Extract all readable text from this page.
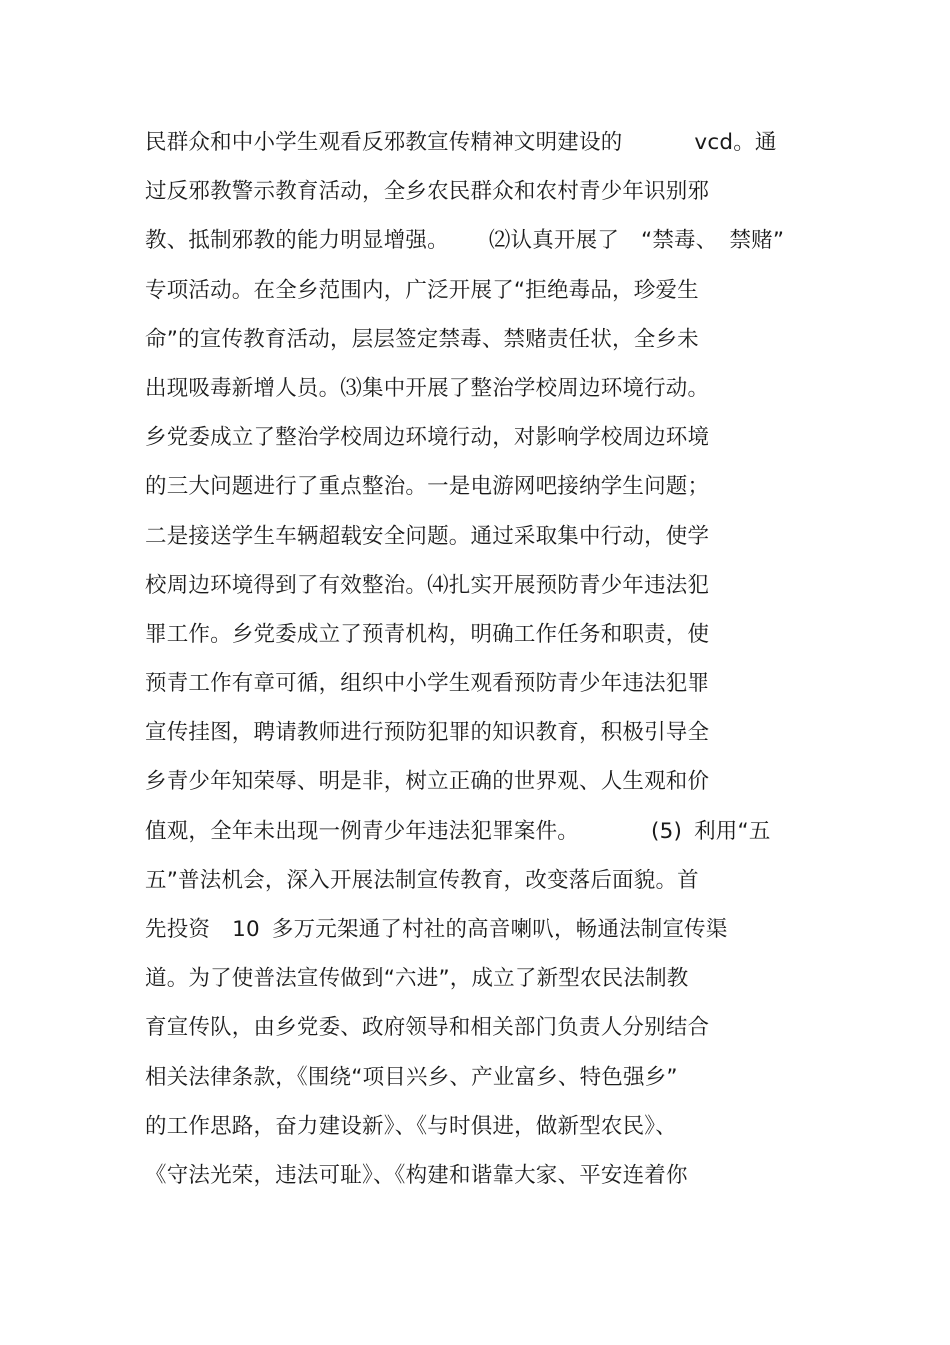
民群众和中小学生观看反邪教宣传精神文明建设的	vcd。通
过反邪教警示教育活动，全乡农民群众和农村青少年识别邪
教、抵制邪教的能力明显增强。 ⑵认真开展了 “禁毒、 禁赌”
专项活动。在全乡范围内，广泛开展了“拒绝毒品，珍爱生
命”的宣传教育活动，层层签定禁毒、禁赌责任状，全乡未
出现吸毒新增人员。⑶集中开展了整治学校周边环境行动。
乡党委成立了整治学校周边环境行动，对影响学校周边环境
的三大问题进行了重点整治。一是电游网吧接纳学生问题；
二是接送学生车辆超载安全问题。通过采取集中行动，使学
校周边环境得到了有效整治。⑷扎实开展预防青少年违法犯
罪工作。乡党委成立了预青机构，明确工作任务和职责，使
预青工作有章可循，组织中小学生观看预防青少年违法犯罪
宣传挂图，聘请教师进行预防犯罪的知识教育，积极引导全
乡青少年知荣辱、明是非，树立正确的世界观、人生观和价
值观，全年未出现一例青少年违法犯罪案件。	(5) 利用“五
五”普法机会，深入开展法制宣传教育，改变落后面貌。首
先投资 10 多万元架通了村社的高音喇叭，畅通法制宣传渠
道。为了使普法宣传做到“六进”，成立了新型农民法制教
育宣传队，由乡党委、政府领导和相关部门负责人分别结合
相关法律条款，《围绕“项目兴乡、产业富乡、特色强乡”
的工作思路，奋力建设新》、《与时俱进，做新型农民》、
《守法光荣，违法可耻》、《构建和谐靠大家、平安连着你
